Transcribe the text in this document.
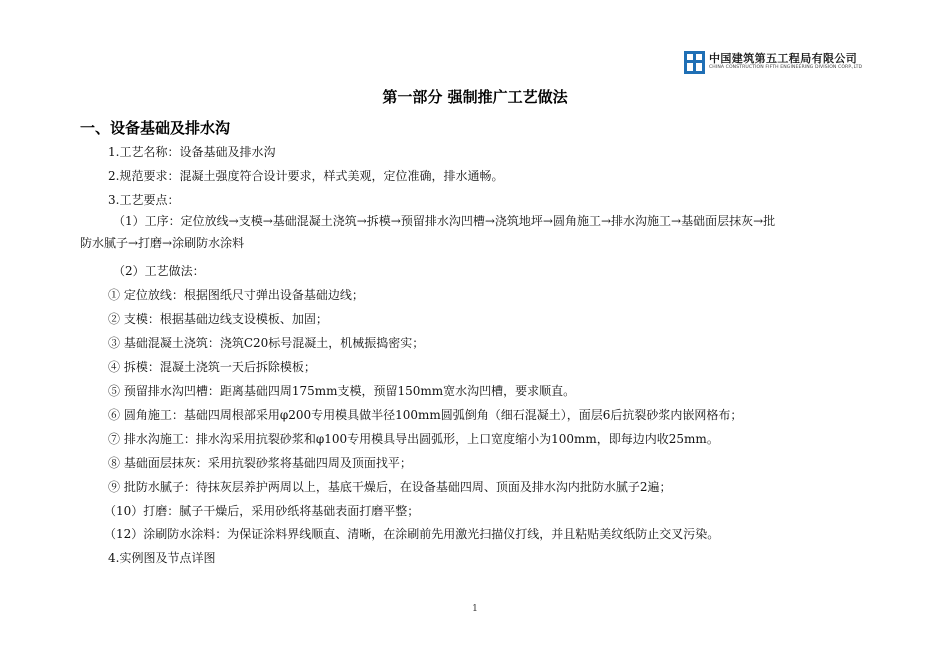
中国建筑第五工程局有限公司
CHINA CONSTRUCTION FIFTH ENGINEERING DIVISION CORP.,LTD
第一部分 强制推广工艺做法
一、设备基础及排水沟
1.工艺名称：设备基础及排水沟
2.规范要求：混凝土强度符合设计要求，样式美观，定位准确，排水通畅。
3.工艺要点：
（1）工序：定位放线→支模→基础混凝土浇筑→拆模→预留排水沟凹槽→浇筑地坪→圆角施工→排水沟施工→基础面层抹灰→批
防水腻子→打磨→涂刷防水涂料
（2）工艺做法：
① 定位放线：根据图纸尺寸弹出设备基础边线；
② 支模：根据基础边线支设模板、加固；
③ 基础混凝土浇筑：浇筑C20标号混凝土，机械振捣密实；
④ 拆模：混凝土浇筑一天后拆除模板；
⑤ 预留排水沟凹槽：距离基础四周175mm支模，预留150mm宽水沟凹槽，要求顺直。
⑥ 圆角施工：基础四周根部采用φ200专用模具做半径100mm圆弧倒角（细石混凝土），面层6后抗裂砂浆内嵌网格布；
⑦ 排水沟施工：排水沟采用抗裂砂浆和φ100专用模具导出圆弧形，上口宽度缩小为100mm，即每边内收25mm。
⑧ 基础面层抹灰：采用抗裂砂浆将基础四周及顶面找平；
⑨ 批防水腻子：待抹灰层养护两周以上，基底干燥后，在设备基础四周、顶面及排水沟内批防水腻子2遍；
（10）打磨：腻子干燥后，采用砂纸将基础表面打磨平整；
（12）涂刷防水涂料：为保证涂料界线顺直、清晰，在涂刷前先用激光扫描仪打线，并且粘贴美纹纸防止交叉污染。
4.实例图及节点详图
1
